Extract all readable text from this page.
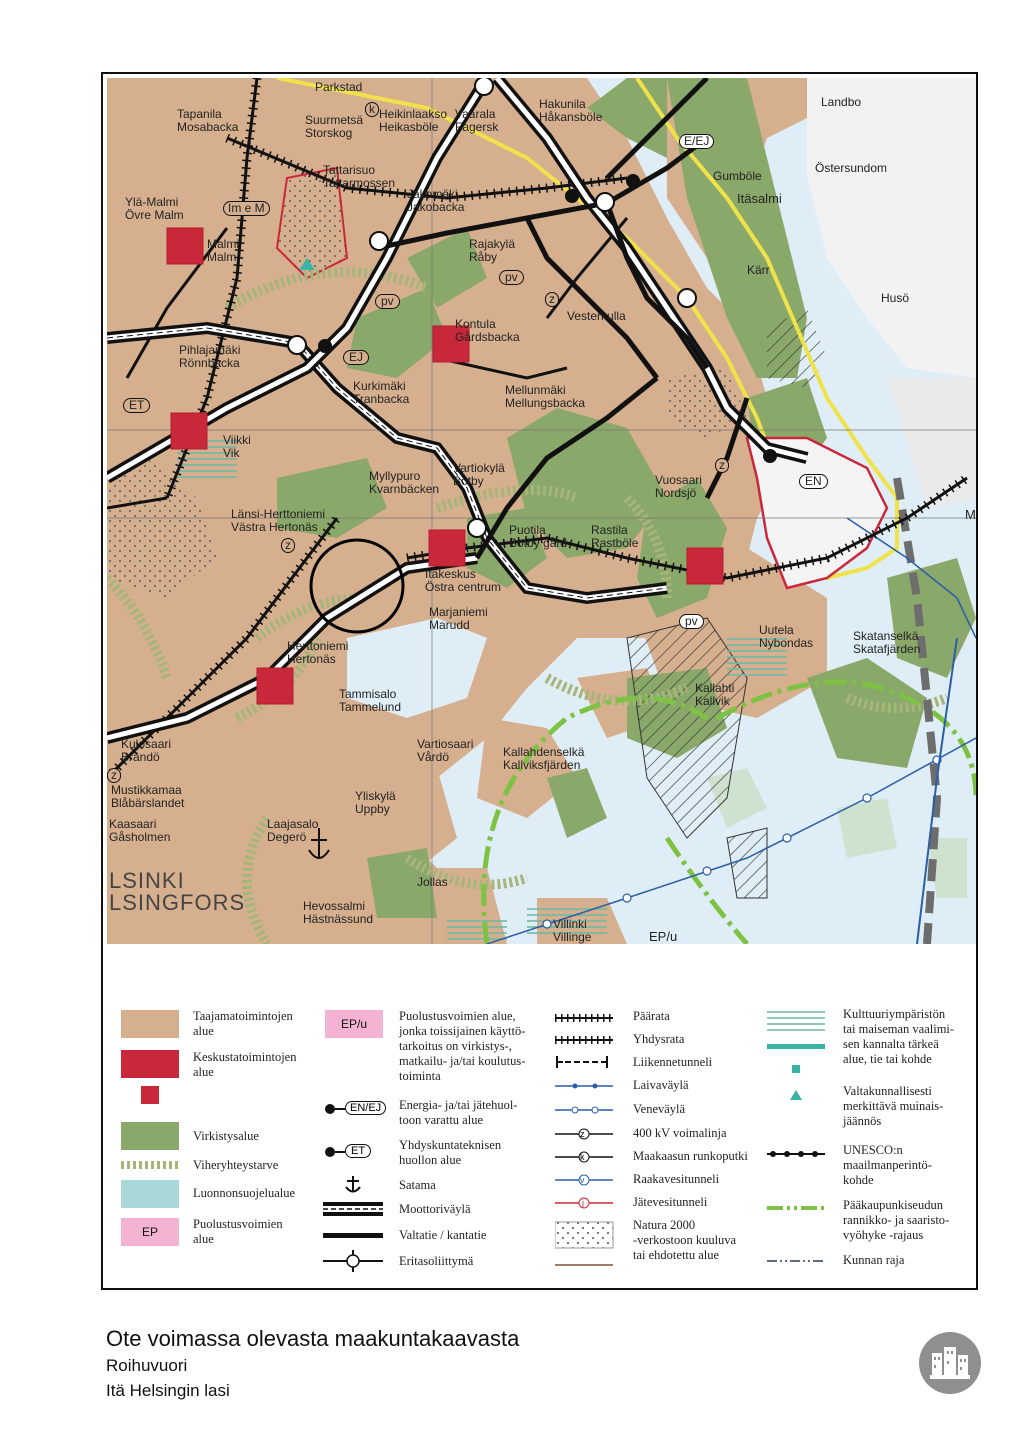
Parkstad
Tapanila
Mosabacka	Suurmetsä
Storskog
Heikinlaakso
Heikasböle
Vaarala
Fagersk
Hakunila
Håkansböle
Landbo
Östersundom
Gumböle
Itäsalmi
Tattarisuo
Tattarmossen
Jakomäki
Jakobacka
Ylä-Malmi
Övre Malm
Malmi
Malm
Rajakylä
Råby
Kärr
Husö
Kontula
Gårdsbacka
Vesterkulla
Pihlajamäki
Rönnbacka
Kurkimäki
Tranbacka
Mellunmäki
Mellungsbacka
Viikki
Vik
Myllypuro
Kvarnbäcken
Vartiokylä
Botby	Vuosaari
Nordsjö
Länsi-Herttoniemi
Västra Hertonäs	Puotila
Botby gård
Rastila
Rastböle
Itäkeskus
Östra centrum
Marjaniemi
Marudd
Herttoniemi
Hertonäs
Uutela
Nybondas	Skatanselkä
Skatafjärden
Kallahti
Kallvik
Tammisalo
Tammelund
Kulosaari
Brändö
Vartiosaari
Vårdö	Kallahdenselkä
Kallviksfjärden
Mustikkamaa
Blåbärslandet
Kaasaari
Gåsholmen
Yliskylä
Uppby
Laajasalo
Degerö
Jollas
Hevossalmi
Hästnässund	Villinki
Villinge
LSINKI
LSINGFORS
EP/u
M
Im e M
E/EJ
EJ
ET
EN
pv
pv
pv
z
z
z
k
z
Taajamatoimintojen
alue
Keskustatoimintojen
alue
Virkistysalue
Viheryhteystarve
Luonnonsuojelualue
EP
Puolustusvoimien
alue
EP/u
Puolustusvoimien alue,
jonka toissijainen käyttö-
tarkoitus on virkistys-,
matkailu- ja/tai koulutus-
toiminta
EN/EJ	Energia- ja/tai jätehuol-
toon varattu alue
ET	Yhdyskuntateknisen
huollon alue
Satama
Moottoriväylä
Valtatie / kantatie
Eritasoliittymä
z
k
v
j
Päärata
Yhdysrata
Liikennetunneli
Laivaväylä
Veneväylä
400 kV voimalinja
Maakaasun runkoputki
Raakavesitunneli
Jätevesitunneli
Natura 2000
-verkostoon kuuluva
tai ehdotettu alue
Kulttuuriympäristön
tai maiseman vaalimi-
sen kannalta tärkeä
alue, tie tai kohde
Valtakunnallisesti
merkittävä muinais-
jäännös
UNESCO:n
maailmanperintö-
kohde
Pääkaupunkiseudun
rannikko- ja saaristo-
vyöhyke -rajaus
Kunnan raja
Ote voimassa olevasta maakuntakaavasta
Roihuvuori
Itä Helsingin lasi
